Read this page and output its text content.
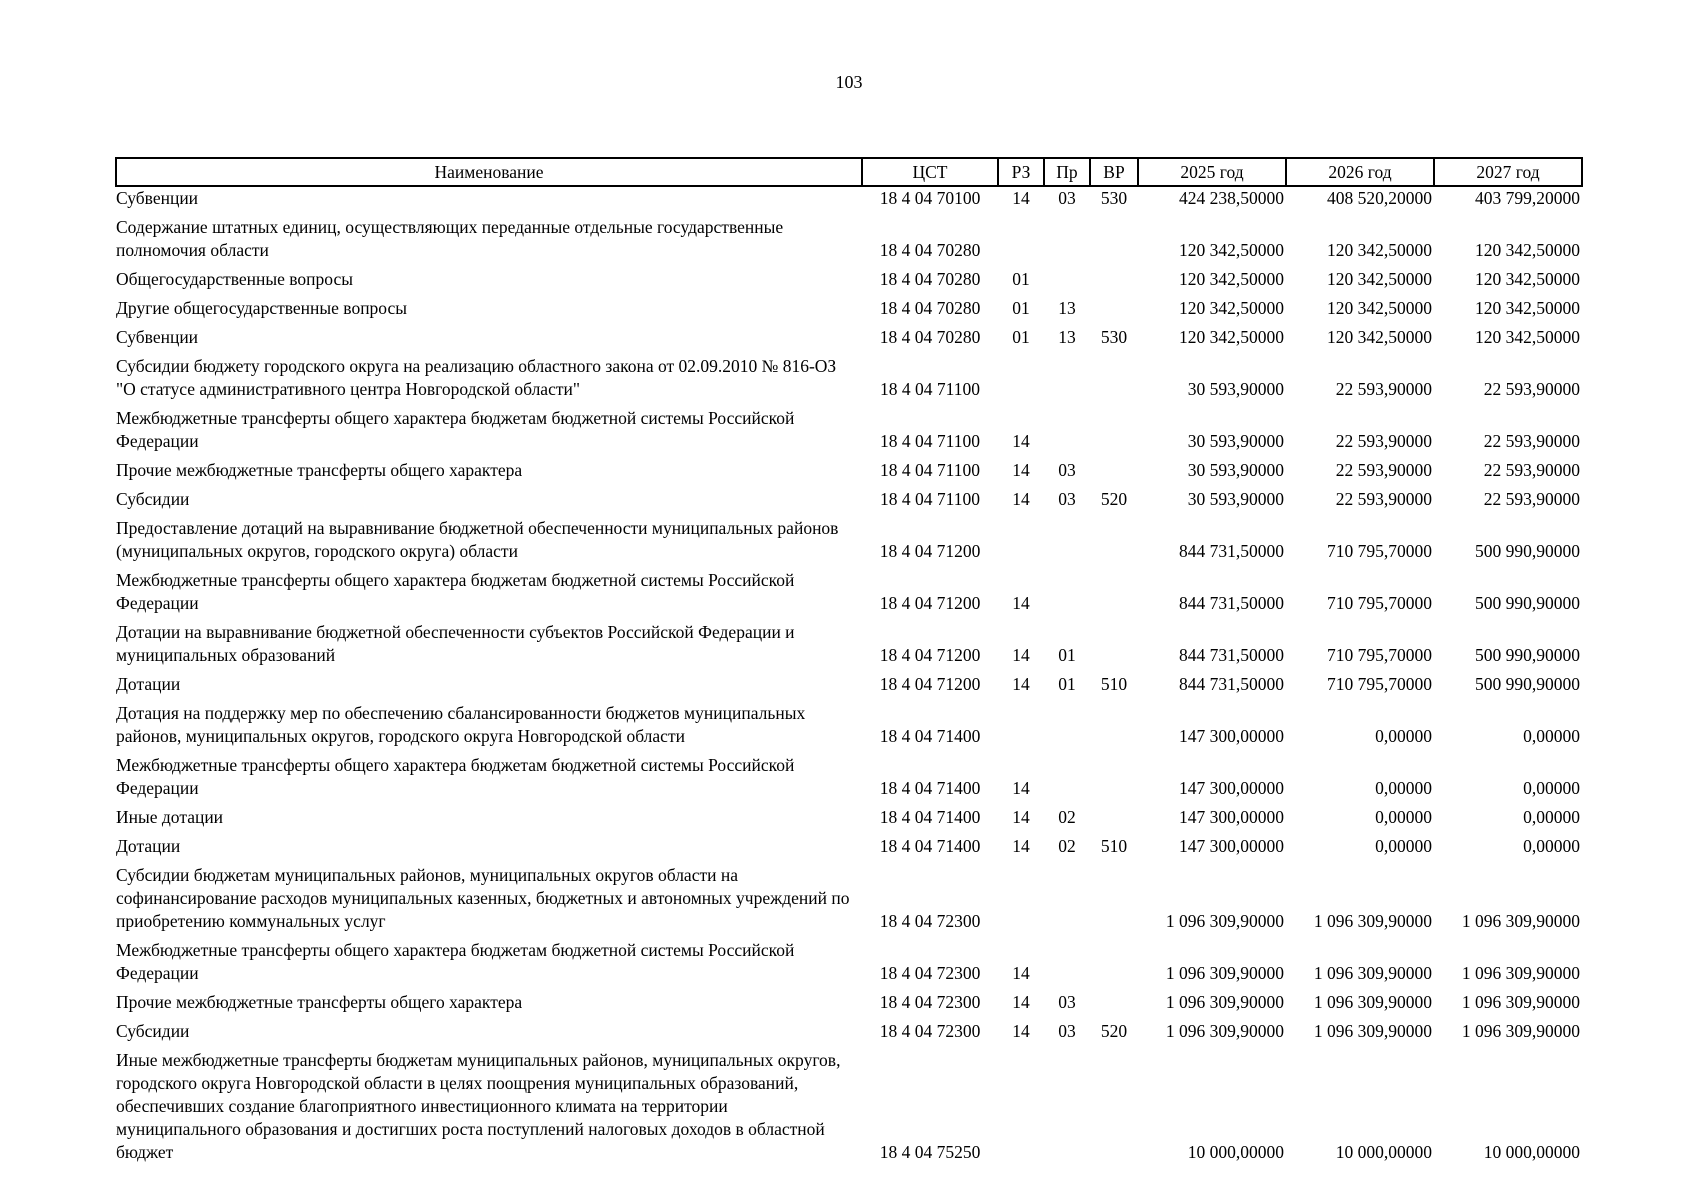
103
Наименование	ЦСТ	РЗ	Пр	ВР	2025 год	2026 год	2027 год
Субвенции	18 4 04 70100	14	03	530	424 238,50000	408 520,20000	403 799,20000
Содержание штатных единиц, осуществляющих переданные отдельные государственные полномочия области	18 4 04 70280				120 342,50000	120 342,50000	120 342,50000
Общегосударственные вопросы	18 4 04 70280	01			120 342,50000	120 342,50000	120 342,50000
Другие общегосударственные вопросы	18 4 04 70280	01	13		120 342,50000	120 342,50000	120 342,50000
Субвенции	18 4 04 70280	01	13	530	120 342,50000	120 342,50000	120 342,50000
Субсидии бюджету городского округа на реализацию областного закона от 02.09.2010 № 816-ОЗ "О статусе административного центра Новгородской области"	18 4 04 71100				30 593,90000	22 593,90000	22 593,90000
Межбюджетные трансферты общего характера бюджетам бюджетной системы Российской Федерации	18 4 04 71100	14			30 593,90000	22 593,90000	22 593,90000
Прочие межбюджетные трансферты общего характера	18 4 04 71100	14	03		30 593,90000	22 593,90000	22 593,90000
Субсидии	18 4 04 71100	14	03	520	30 593,90000	22 593,90000	22 593,90000
Предоставление дотаций на выравнивание бюджетной обеспеченности муниципальных районов (муниципальных округов, городского округа) области	18 4 04 71200				844 731,50000	710 795,70000	500 990,90000
Межбюджетные трансферты общего характера бюджетам бюджетной системы Российской Федерации	18 4 04 71200	14			844 731,50000	710 795,70000	500 990,90000
Дотации на выравнивание бюджетной обеспеченности субъектов Российской Федерации и муниципальных образований	18 4 04 71200	14	01		844 731,50000	710 795,70000	500 990,90000
Дотации	18 4 04 71200	14	01	510	844 731,50000	710 795,70000	500 990,90000
Дотация на поддержку мер по обеспечению сбалансированности бюджетов муниципальных районов, муниципальных округов, городского округа Новгородской области	18 4 04 71400				147 300,00000	0,00000	0,00000
Межбюджетные трансферты общего характера бюджетам бюджетной системы Российской Федерации	18 4 04 71400	14			147 300,00000	0,00000	0,00000
Иные дотации	18 4 04 71400	14	02		147 300,00000	0,00000	0,00000
Дотации	18 4 04 71400	14	02	510	147 300,00000	0,00000	0,00000
Субсидии бюджетам муниципальных районов, муниципальных округов области на софинансирование расходов муниципальных казенных, бюджетных и автономных учреждений по приобретению коммунальных услуг	18 4 04 72300				1 096 309,90000	1 096 309,90000	1 096 309,90000
Межбюджетные трансферты общего характера бюджетам бюджетной системы Российской Федерации	18 4 04 72300	14			1 096 309,90000	1 096 309,90000	1 096 309,90000
Прочие межбюджетные трансферты общего характера	18 4 04 72300	14	03		1 096 309,90000	1 096 309,90000	1 096 309,90000
Субсидии	18 4 04 72300	14	03	520	1 096 309,90000	1 096 309,90000	1 096 309,90000
Иные межбюджетные трансферты бюджетам муниципальных районов, муниципальных округов, городского округа Новгородской области в целях поощрения муниципальных образований, обеспечивших создание благоприятного инвестиционного климата на территории муниципального образования и достигших роста поступлений налоговых доходов в областной бюджет	18 4 04 75250				10 000,00000	10 000,00000	10 000,00000
